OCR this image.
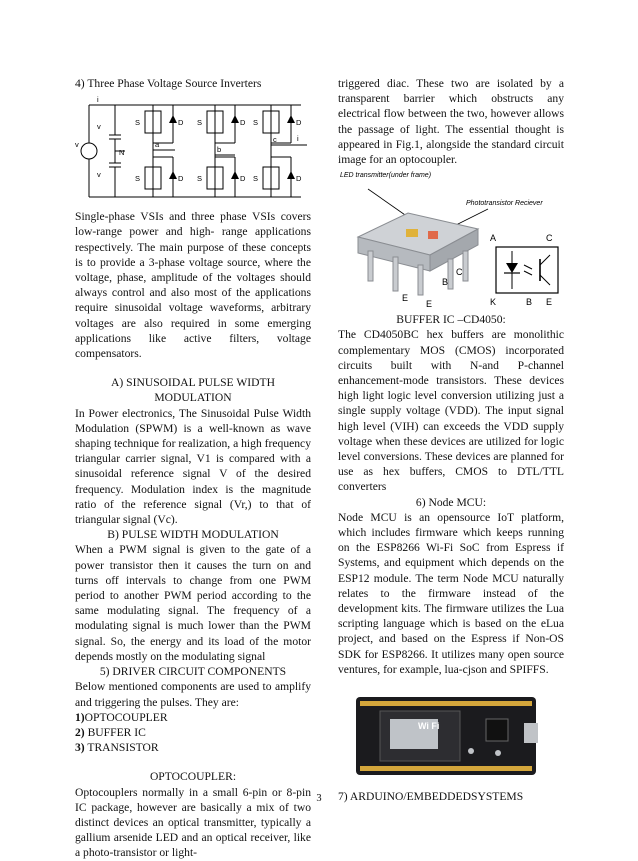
4) Three Phase Voltage Source Inverters
i
v
v
v
N
S	S	S
S	S	S
D	D	D
D	D	D
a
b
c	i

Single-phase VSIs and three phase VSIs covers low-range power and high- range applications respectively. The main purpose of these concepts is to provide a 3-phase voltage source, where the voltage, phase, amplitude of the voltages should always control and also most of the applications require sinusoidal voltage waveforms, arbitrary voltages are also required in some emerging applications like active filters, voltage compensators.

A) SINUSOIDAL PULSE WIDTH MODULATION

In Power electronics, The Sinusoidal Pulse Width Modulation (SPWM) is a well-known as wave shaping technique for realization, a high frequency triangular carrier signal, V1 is compared with a sinusoidal reference signal V of the desired frequency. Modulation index is the magnitude ratio of the reference signal (Vr,) to that of triangular signal (Vc).

B) PULSE WIDTH MODULATION

When a PWM signal is given to the gate of a power transistor then it causes the turn on and turns off intervals to change from one PWM period to another PWM period according to the same modulating signal. The frequency of a modulating signal is much lower than the PWM signal. So, the energy and its load of the motor depends mostly on the modulating signal

5) DRIVER CIRCUIT COMPONENTS

Below mentioned components are used to amplify and triggering the pulses. They are:

1)OPTOCOUPLER
2) BUFFER IC
3) TRANSISTOR
OPTOCOUPLER:

Optocouplers normally in a small 6-pin or 8-pin IC package, however are basically a mix of two distinct devices an optical transmitter, typically a gallium arsenide LED and an optical receiver, like a photo-transistor or light-

triggered diac. These two are isolated by a transparent barrier which obstructs any electrical flow between the two, however allows the passage of light. The essential thought is appeared in Fig.1, alongside the standard circuit image for an optocoupler.

LED transmitter(under frame)
Phototransistor Reciever
A
K
C
B E
C
B
E
E
BUFFER IC –CD4050:

The CD4050BC hex buffers are monolithic complementary MOS (CMOS) incorporated circuits built with N-and P-channel enhancement-mode transistors. These devices high light logic level conversion utilizing just a single supply voltage (VDD). The input signal high level (VIH) can exceeds the VDD supply voltage when these devices are utilized for logic level conversions. These devices are planned for use as hex buffers, CMOS to DTL/TTL converters

6) Node MCU:

Node MCU is an opensource IoT platform, which includes firmware which keeps running on the ESP8266 Wi-Fi SoC from Espress if Systems, and equipment which depends on the ESP12 module. The term Node MCU naturally relates to the firmware instead of the development kits. The firmware utilizes the Lua scripting language which is based on the eLua project, and based on the Espress if Non-OS SDK for ESP8266. It utilizes many open source ventures, for example, lua-cjson and SPIFFS.

Wi Fi
7) ARDUINO/EMBEDDEDSYSTEMS
3
